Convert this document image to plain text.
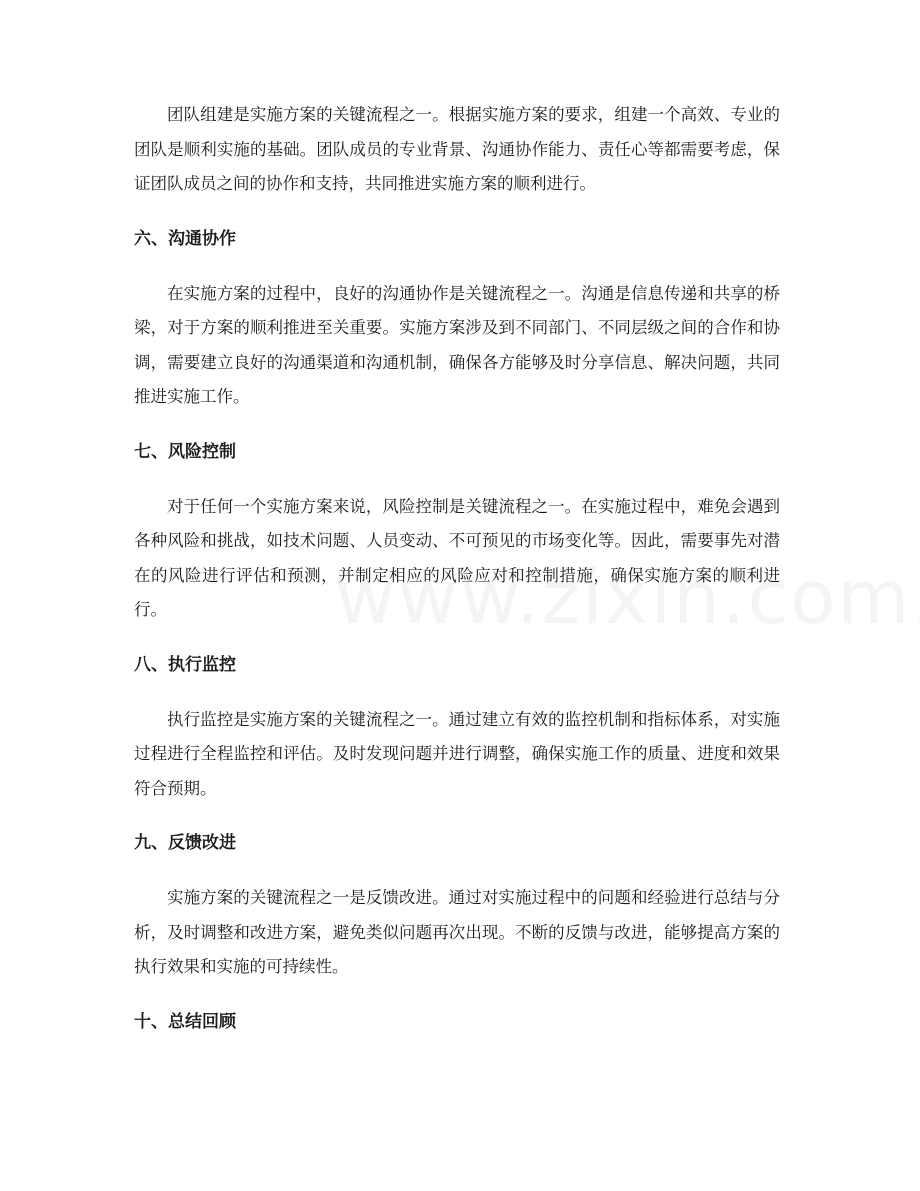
团队组建是实施方案的关键流程之一。根据实施方案的要求，组建一个高效、专业的团队是顺利实施的基础。团队成员的专业背景、沟通协作能力、责任心等都需要考虑，保证团队成员之间的协作和支持，共同推进实施方案的顺利进行。

六、沟通协作

在实施方案的过程中，良好的沟通协作是关键流程之一。沟通是信息传递和共享的桥梁，对于方案的顺利推进至关重要。实施方案涉及到不同部门、不同层级之间的合作和协调，需要建立良好的沟通渠道和沟通机制，确保各方能够及时分享信息、解决问题，共同推进实施工作。

七、风险控制

对于任何一个实施方案来说，风险控制是关键流程之一。在实施过程中，难免会遇到各种风险和挑战，如技术问题、人员变动、不可预见的市场变化等。因此，需要事先对潜在的风险进行评估和预测，并制定相应的风险应对和控制措施，确保实施方案的顺利进行。

八、执行监控

执行监控是实施方案的关键流程之一。通过建立有效的监控机制和指标体系，对实施过程进行全程监控和评估。及时发现问题并进行调整，确保实施工作的质量、进度和效果符合预期。

九、反馈改进

实施方案的关键流程之一是反馈改进。通过对实施过程中的问题和经验进行总结与分析，及时调整和改进方案，避免类似问题再次出现。不断的反馈与改进，能够提高方案的执行效果和实施的可持续性。

十、总结回顾
